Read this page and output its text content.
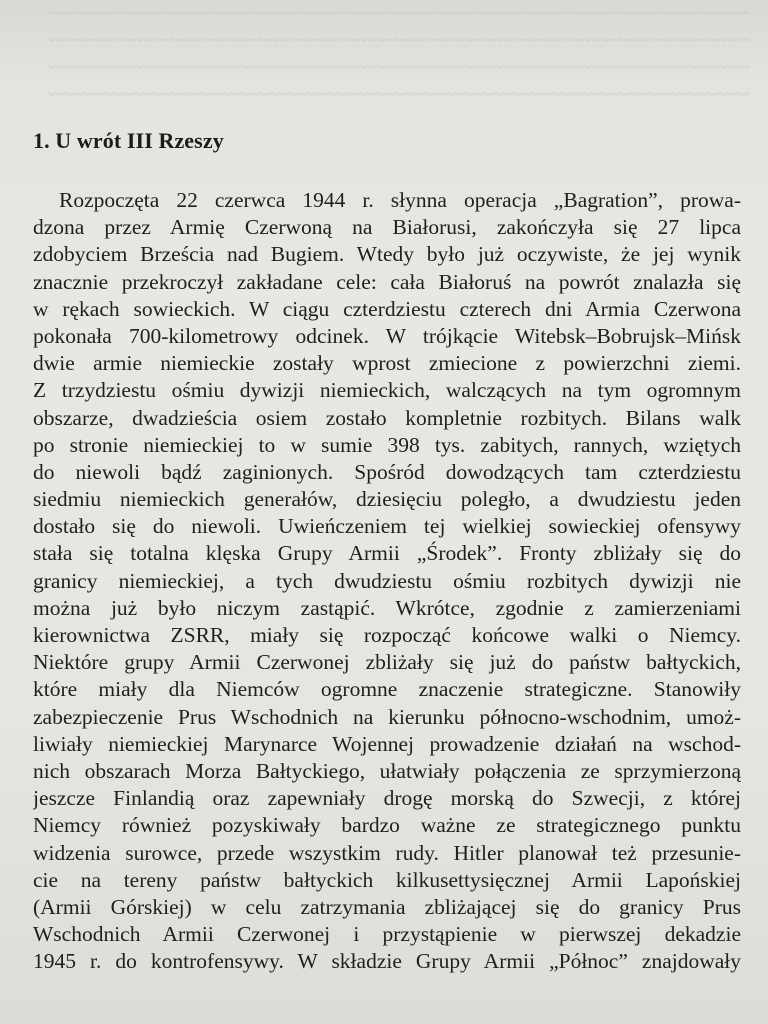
​~~~~~~~~~~~~~~~~~~~~~~~~~~~~~~~~~~~~~~~~~~~~~~~~~~~~~~~~~~~~~~~~~~~~~~~~
​~~~~~~~~~~~~~~~~~~~~~~~~~~~~~~~~~~~~~~~~~~~~~~~~~~~~~~~~~~~~~~~~~~~~~~~~
​~~~~~~~~~~~~~~~~~~~~~~~~~~~~~~~~~~~~~~~~~~~~~~~~~~~~~~~~~~~~~~~~~~~~~~~~
​~~~~~~~~~~~~~~~~~~~~~~~~~~~~~~~~~~~~~~~~~~~~~~~~~~~~~~~~~~~~~~~~~~~~~~~~
1. U wrót III Rzeszy
Rozpoczęta 22 czerwca 1944 r. słynna operacja „Bagration”, prowa-
dzona przez Armię Czerwoną na Białorusi, zakończyła się 27 lipca
zdobyciem Brześcia nad Bugiem. Wtedy było już oczywiste, że jej wynik
znacznie przekroczył zakładane cele: cała Białoruś na powrót znalazła się
w rękach sowieckich. W ciągu czterdziestu czterech dni Armia Czerwona
pokonała 700-kilometrowy odcinek. W trójkącie Witebsk–Bobrujsk–Mińsk
dwie armie niemieckie zostały wprost zmiecione z powierzchni ziemi.
Z trzydziestu ośmiu dywizji niemieckich, walczących na tym ogromnym
obszarze, dwadzieścia osiem zostało kompletnie rozbitych. Bilans walk
po stronie niemieckiej to w sumie 398 tys. zabitych, rannych, wziętych
do niewoli bądź zaginionych. Spośród dowodzących tam czterdziestu
siedmiu niemieckich generałów, dziesięciu poległo, a dwudziestu jeden
dostało się do niewoli. Uwieńczeniem tej wielkiej sowieckiej ofensywy
stała się totalna klęska Grupy Armii „Środek”. Fronty zbliżały się do
granicy niemieckiej, a tych dwudziestu ośmiu rozbitych dywizji nie
można już było niczym zastąpić. Wkrótce, zgodnie z zamierzeniami
kierownictwa ZSRR, miały się rozpocząć końcowe walki o Niemcy.
Niektóre grupy Armii Czerwonej zbliżały się już do państw bałtyckich,
które miały dla Niemców ogromne znaczenie strategiczne. Stanowiły
zabezpieczenie Prus Wschodnich na kierunku północno-wschodnim, umoż-
liwiały niemieckiej Marynarce Wojennej prowadzenie działań na wschod-
nich obszarach Morza Bałtyckiego, ułatwiały połączenia ze sprzymierzoną
jeszcze Finlandią oraz zapewniały drogę morską do Szwecji, z której
Niemcy również pozyskiwały bardzo ważne ze strategicznego punktu
widzenia surowce, przede wszystkim rudy. Hitler planował też przesunie-
cie na tereny państw bałtyckich kilkusettysięcznej Armii Lapońskiej
(Armii Górskiej) w celu zatrzymania zbliżającej się do granicy Prus
Wschodnich Armii Czerwonej i przystąpienie w pierwszej dekadzie
1945 r. do kontrofensywy. W składzie Grupy Armii „Północ” znajdowały
